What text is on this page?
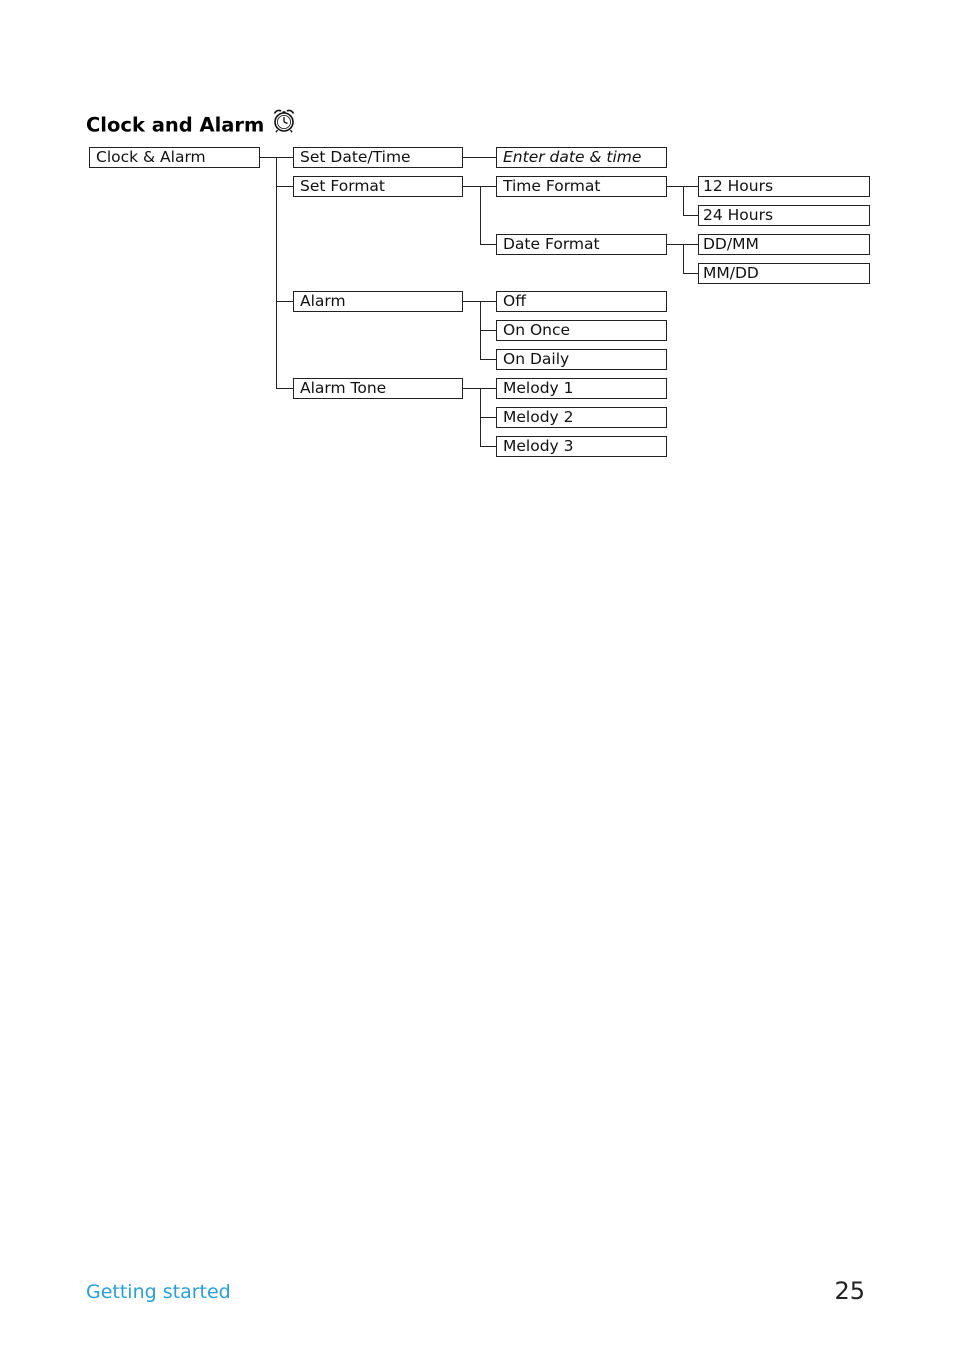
Clock and Alarm
Clock & Alarm	Set Date/Time
Set Format
Alarm
Alarm Tone
Enter date & time
Time Format
Date Format
12 Hours
24 Hours
DD/MM
MM/DD
Off
On Once
On Daily
Melody 1
Melody 2
Melody 3
Getting started	25
